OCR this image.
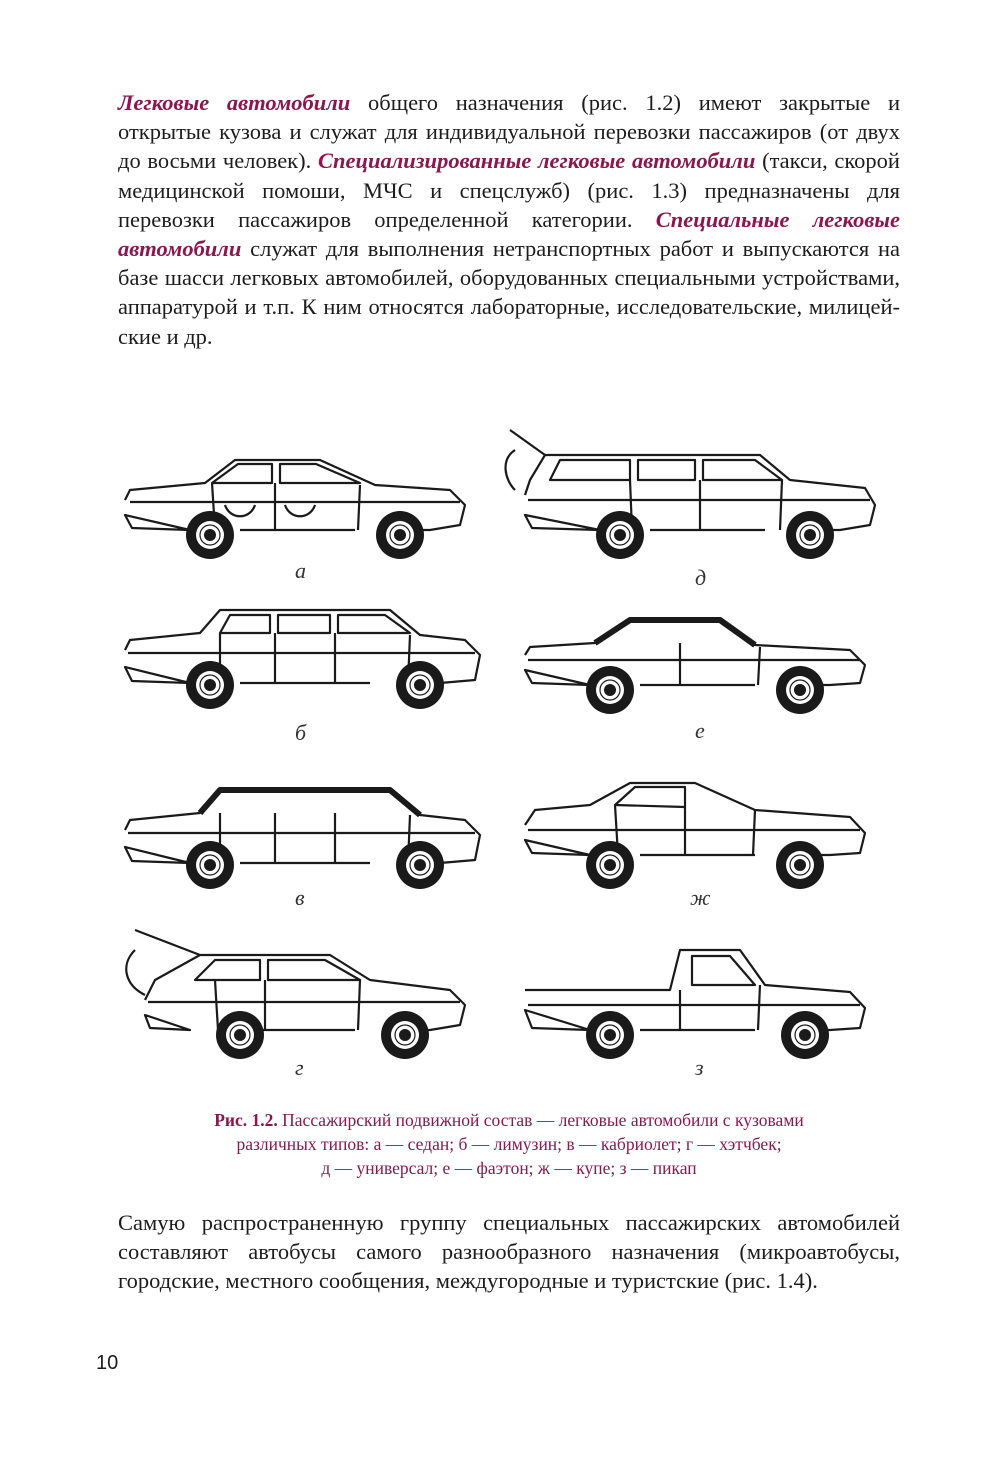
Легковые автомобили общего назначения (рис. 1.2) имеют закрытые и открытые кузова и служат для индивидуальной перевозки пассажиров (от двух до восьми человек). Специализированные легковые автомобили (такси, скорой медицинской помоши, МЧС и спецслужб) (рис. 1.3) предназначены для перевозки пассажиров определенной категории. Специальные легковые автомобили служат для выполнения нетранспортных работ и выпускаются на базе шасси легковых автомобилей, оборудованных специальными устройствами, аппаратурой и т.п. К ним относятся лабораторные, исследовательские, милицейские и др.

а	д
б	е
в	ж
г	з
Рис. 1.2. Пассажирский подвижной состав — легковые автомобили с кузовами
различных типов: а — седан; б — лимузин; в — кабриолет; г — хэтчбек;
д — универсал; е — фаэтон; ж — купе; з — пикап

Самую распространенную группу специальных пассажирских автомобилей составляют автобусы самого разнообразного назначения (микроавтобусы, городские, местного сообщения, междугородные и туристские (рис. 1.4).

10
